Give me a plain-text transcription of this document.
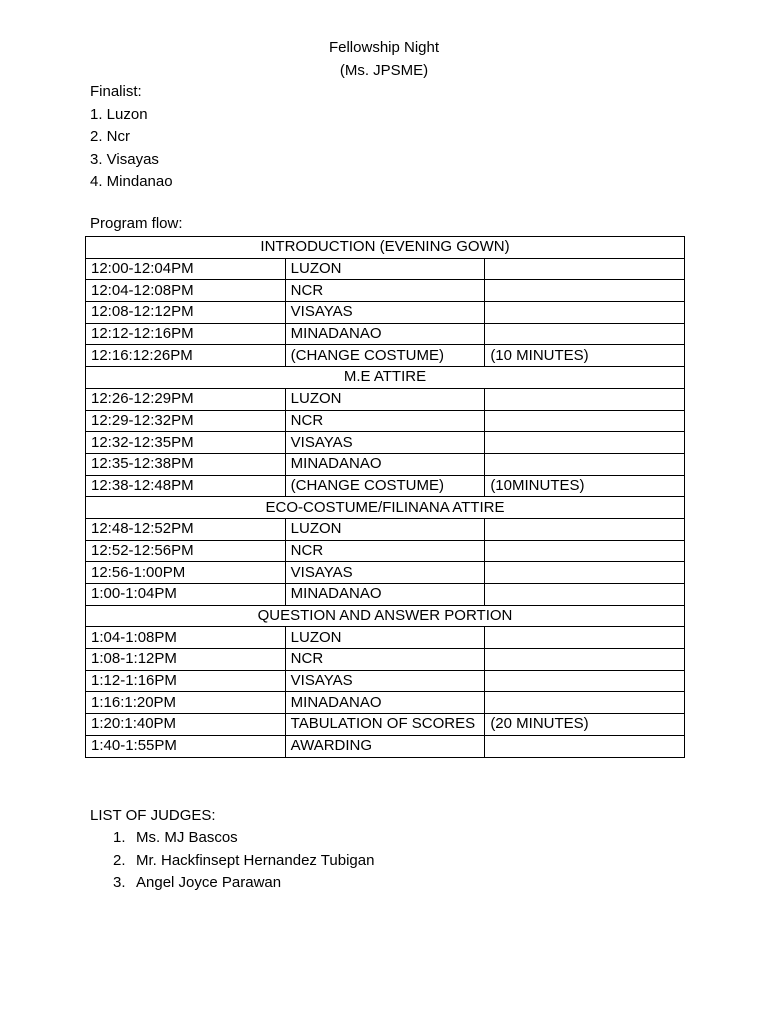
Fellowship Night
(Ms. JPSME)
Finalist:
1. Luzon
2. Ncr
3. Visayas
4. Mindanao
Program flow:
INTRODUCTION (EVENING GOWN)		
12:00-12:04PM	LUZON	
12:04-12:08PM	NCR	
12:08-12:12PM	VISAYAS	
12:12-12:16PM	MINADANAO	
12:16:12:26PM	(CHANGE COSTUME)	(10 MINUTES)
M.E ATTIRE		
12:26-12:29PM	LUZON	
12:29-12:32PM	NCR	
12:32-12:35PM	VISAYAS	
12:35-12:38PM	MINADANAO	
12:38-12:48PM	(CHANGE COSTUME)	(10MINUTES)
ECO-COSTUME/FILINANA ATTIRE		
12:48-12:52PM	LUZON	
12:52-12:56PM	NCR	
12:56-1:00PM	VISAYAS	
1:00-1:04PM	MINADANAO	
QUESTION AND ANSWER PORTION		
1:04-1:08PM	LUZON	
1:08-1:12PM	NCR	
1:12-1:16PM	VISAYAS	
1:16:1:20PM	MINADANAO	
1:20:1:40PM	TABULATION OF SCORES	(20 MINUTES)
1:40-1:55PM	AWARDING	
LIST OF JUDGES:
1. Ms. MJ Bascos
2. Mr. Hackfinsept Hernandez Tubigan
3. Angel Joyce Parawan
